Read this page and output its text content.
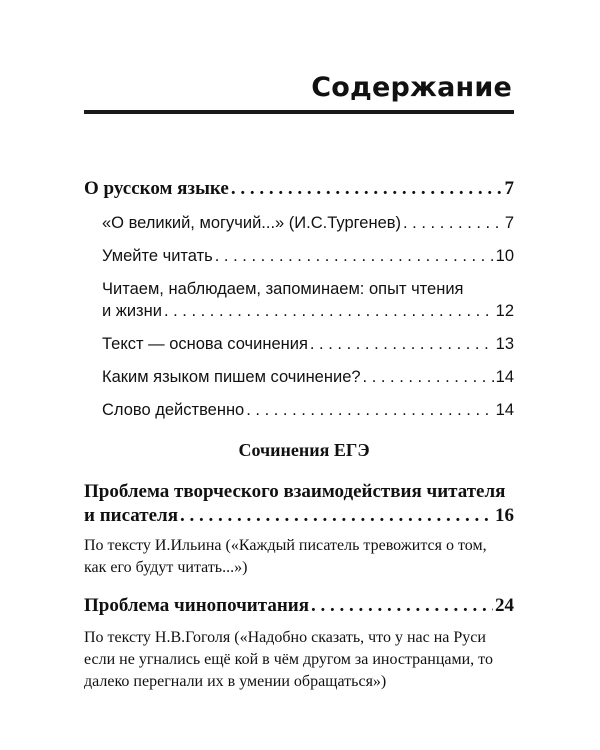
Содержание
О русском языке . . .	7
«О великий, могучий...» (И.С.Тургенев) . . .	7
Умейте читать . . .	10
Читаем, наблюдаем, запоминаем: опыт чтения
и жизни . . .	12
Текст — основа сочинения . . .	13
Каким языком пишем сочинение? . . .	14
Слово действенно . . .	14
Сочинения ЕГЭ
Проблема творческого взаимодействия читателя
и писателя . . .	16
По тексту И.Ильина («Каждый писатель тревожится о том,
как его будут читать...»)
Проблема чинопочитания . . .	24
По тексту Н.В.Гоголя («Надобно сказать, что у нас на Руси
если не угнались ещё кой в чём другом за иностранцами, то
далеко перегнали их в умении обращаться»)
